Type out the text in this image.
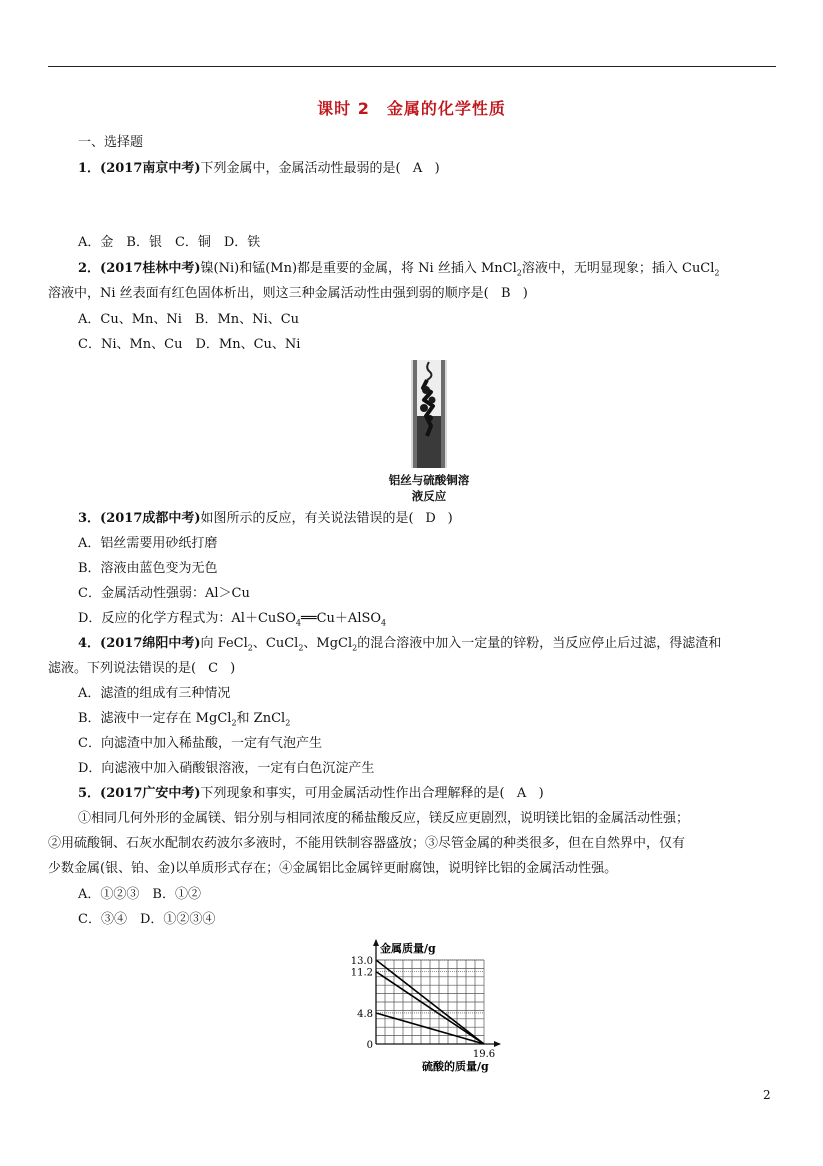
课时 2　金属的化学性质
一、选择题
1．(2017南京中考)下列金属中，金属活动性最弱的是( A )
A．金　B．银　C．铜　D．铁
2．(2017桂林中考)镍(Ni)和锰(Mn)都是重要的金属，将 Ni 丝插入 MnCl$_2$溶液中，无明显现象；插入 CuCl$_2$
溶液中，Ni 丝表面有红色固体析出，则这三种金属活动性由强到弱的顺序是( B )
A．Cu、Mn、Ni　B．Mn、Ni、Cu
C．Ni、Mn、Cu　D．Mn、Cu、Ni
铝丝与硫酸铜溶
液反应
3．(2017成都中考)如图所示的反应，有关说法错误的是( D )
A．铝丝需要用砂纸打磨
B．溶液由蓝色变为无色
C．金属活动性强弱：Al＞Cu
D．反应的化学方程式为：Al＋CuSO$_4$══Cu＋AlSO$_4$
4．(2017绵阳中考)向 FeCl$_2$、CuCl$_2$、MgCl$_2$的混合溶液中加入一定量的锌粉，当反应停止后过滤，得滤渣和
滤液。下列说法错误的是( C )
A．滤渣的组成有三种情况
B．滤液中一定存在 MgCl$_2$和 ZnCl$_2$
C．向滤渣中加入稀盐酸，一定有气泡产生
D．向滤液中加入硝酸银溶液，一定有白色沉淀产生
5．(2017广安中考)下列现象和事实，可用金属活动性作出合理解释的是( A )
①相同几何外形的金属镁、铝分别与相同浓度的稀盐酸反应，镁反应更剧烈，说明镁比铝的金属活动性强；
②用硫酸铜、石灰水配制农药波尔多液时，不能用铁制容器盛放；③尽管金属的种类很多，但在自然界中，仅有
少数金属(银、铂、金)以单质形式存在；④金属铝比金属锌更耐腐蚀，说明锌比铝的金属活动性强。
A．①②③　B．①②
C．③④　D．①②③④
13.0
11.2
4.8
0
19.6
金属质量/g
硫酸的质量/g
2
